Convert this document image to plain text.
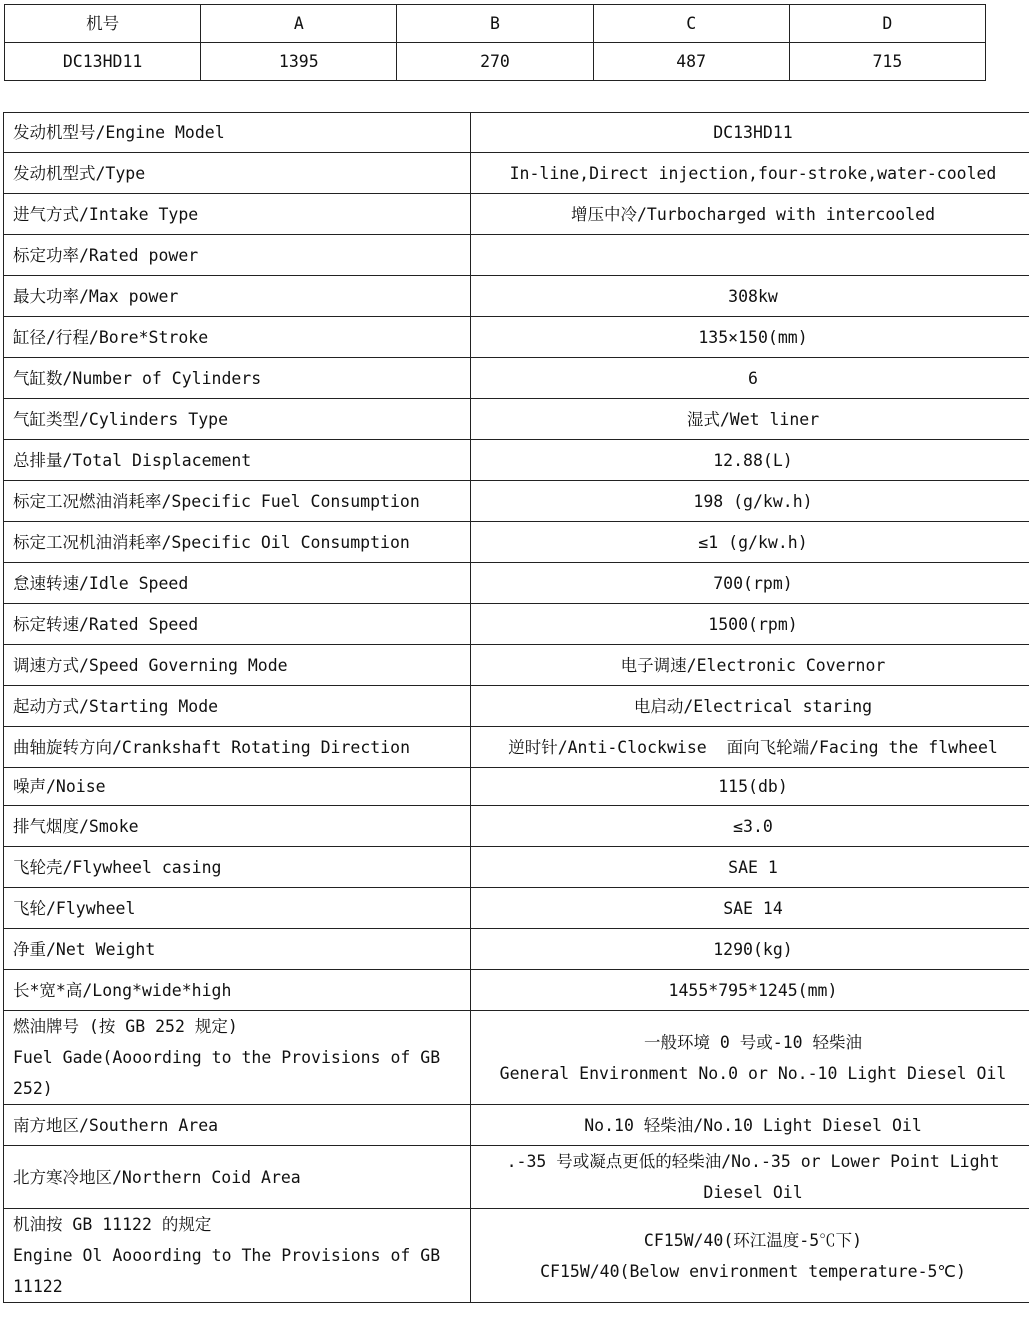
机号	A	B	C	D
DC13HD11	1395	270	487	715
发动机型号/Engine Model	DC13HD11

发动机型式/Type	In-line,Direct injection,four-stroke,water-cooled

进气方式/Intake Type	增压中冷/Turbocharged with intercooled

标定功率/Rated power	

最大功率/Max power	308kw

缸径/行程/Bore*Stroke	135×150(mm)

气缸数/Number of Cylinders	6

气缸类型/Cylinders Type	湿式/Wet liner

总排量/Total Displacement	12.88(L)

标定工况燃油消耗率/Specific Fuel Consumption	198 (g/kw.h)

标定工况机油消耗率/Specific Oil Consumption	≤1 (g/kw.h)

怠速转速/Idle Speed	700(rpm)

标定转速/Rated Speed	1500(rpm)

调速方式/Speed Governing Mode	电子调速/Electronic Covernor

起动方式/Starting Mode	电启动/Electrical staring

曲轴旋转方向/Crankshaft Rotating Direction	逆时针/Anti-Clockwise  面向飞轮端/Facing the flwheel

噪声/Noise	115(db)

排气烟度/Smoke	≤3.0

飞轮壳/Flywheel casing	SAE 1

飞轮/Flywheel	SAE 14

净重/Net Weight	1290(kg)

长*宽*高/Long*wide*high	1455*795*1245(mm)

燃油牌号 (按 GB 252 规定)
Fuel Gade(Aooording to the Provisions of GB
252)	一般环境 0 号或-10 轻柴油
General Environment No.0 or No.-10 Light Diesel Oil

南方地区/Southern Area	No.10 轻柴油/No.10 Light Diesel Oil

北方寒冷地区/Northern Coid Area	.-35 号或凝点更低的轻柴油/No.-35 or Lower Point Light
Diesel Oil

机油按 GB 11122 的规定
Engine Ol Aooording to The Provisions of GB
11122	CF15W/40(环江温度-5℃下)
CF15W/40(Below environment temperature-5℃)
